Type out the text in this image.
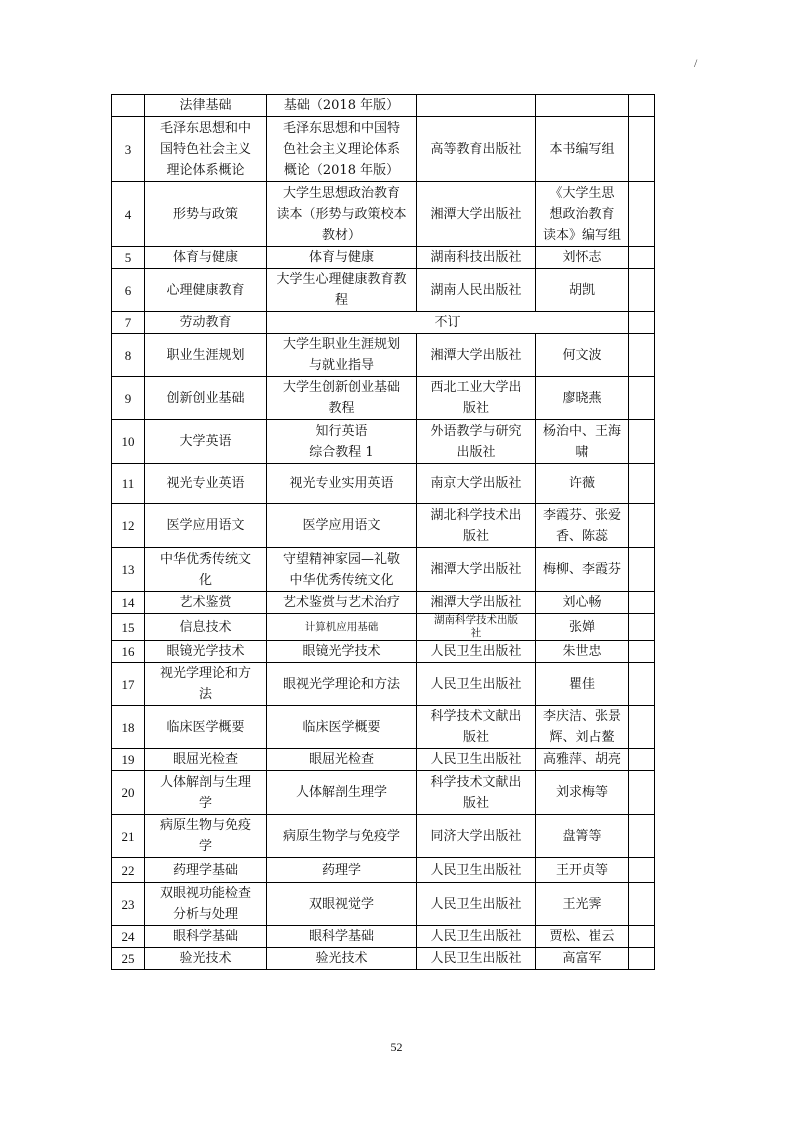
/
	法律基础	基础（2018 年版）			
3	毛泽东思想和中
国特色社会主义
理论体系概论	毛泽东思想和中国特
色社会主义理论体系
概论（2018 年版）	高等教育出版社	本书编写组	
4	形势与政策	大学生思想政治教育
读本（形势与政策校本
教材）	湘潭大学出版社	《大学生思
想政治教育
读本》编写组	
5	体育与健康	体育与健康	湖南科技出版社	刘怀志	
6	心理健康教育	大学生心理健康教育教
程	湖南人民出版社	胡凯	
7	劳动教育	不订			
8	职业生涯规划	大学生职业生涯规划
与就业指导	湘潭大学出版社	何文波	
9	创新创业基础	大学生创新创业基础
教程	西北工业大学出
版社	廖晓燕	
10	大学英语	知行英语
综合教程 1	外语教学与研究
出版社	杨治中、王海
啸	
11	视光专业英语	视光专业实用英语	南京大学出版社	许薇	
12	医学应用语文	医学应用语文	湖北科学技术出
版社	李霞芬、张爱
香、陈蕊	
13	中华优秀传统文
化	守望精神家园—礼敬
中华优秀传统文化	湘潭大学出版社	梅柳、李霞芬	
14	艺术鉴赏	艺术鉴赏与艺术治疗	湘潭大学出版社	刘心畅	
15	信息技术	计算机应用基础	湖南科学技术出版
社	张婵	
16	眼镜光学技术	眼镜光学技术	人民卫生出版社	朱世忠	
17	视光学理论和方
法	眼视光学理论和方法	人民卫生出版社	瞿佳	
18	临床医学概要	临床医学概要	科学技术文献出
版社	李庆洁、张景
辉、刘占鳌	
19	眼屈光检查	眼屈光检查	人民卫生出版社	高雅萍、胡亮	
20	人体解剖与生理
学	人体解剖生理学	科学技术文献出
版社	刘求梅等	
21	病原生物与免疫
学	病原生物学与免疫学	同济大学出版社	盘箐等	
22	药理学基础	药理学	人民卫生出版社	王开贞等	
23	双眼视功能检查
分析与处理	双眼视觉学	人民卫生出版社	王光霁	
24	眼科学基础	眼科学基础	人民卫生出版社	贾松、崔云	
25	验光技术	验光技术	人民卫生出版社	高富军	
52
